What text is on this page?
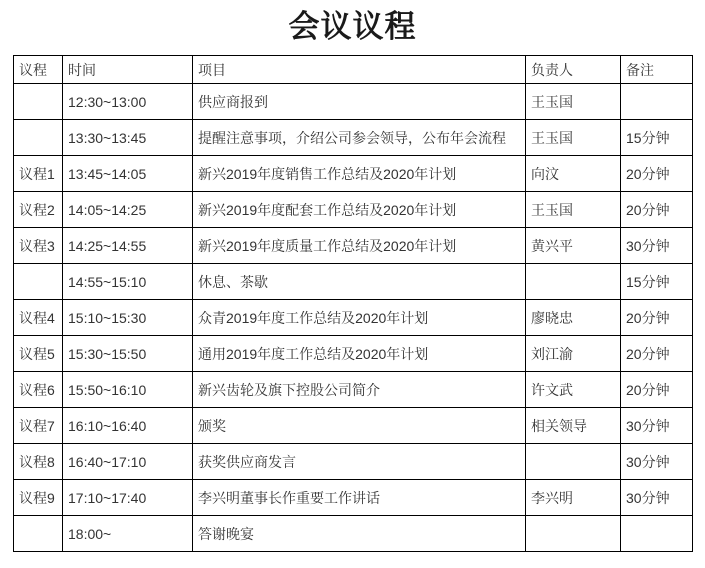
会议议程
议程	时间	项目	负责人	备注
	12:30~13:00	供应商报到	王玉国	
	13:30~13:45	提醒注意事项，介绍公司参会领导，公布年会流程	王玉国	15分钟
议程1	13:45~14:05	新兴2019年度销售工作总结及2020年计划	向汶	20分钟
议程2	14:05~14:25	新兴2019年度配套工作总结及2020年计划	王玉国	20分钟
议程3	14:25~14:55	新兴2019年度质量工作总结及2020年计划	黄兴平	30分钟
	14:55~15:10	休息、茶歇		15分钟
议程4	15:10~15:30	众青2019年度工作总结及2020年计划	廖晓忠	20分钟
议程5	15:30~15:50	通用2019年度工作总结及2020年计划	刘江渝	20分钟
议程6	15:50~16:10	新兴齿轮及旗下控股公司简介	许文武	20分钟
议程7	16:10~16:40	颁奖	相关领导	30分钟
议程8	16:40~17:10	获奖供应商发言		30分钟
议程9	17:10~17:40	李兴明董事长作重要工作讲话	李兴明	30分钟
	18:00~	答谢晚宴		
